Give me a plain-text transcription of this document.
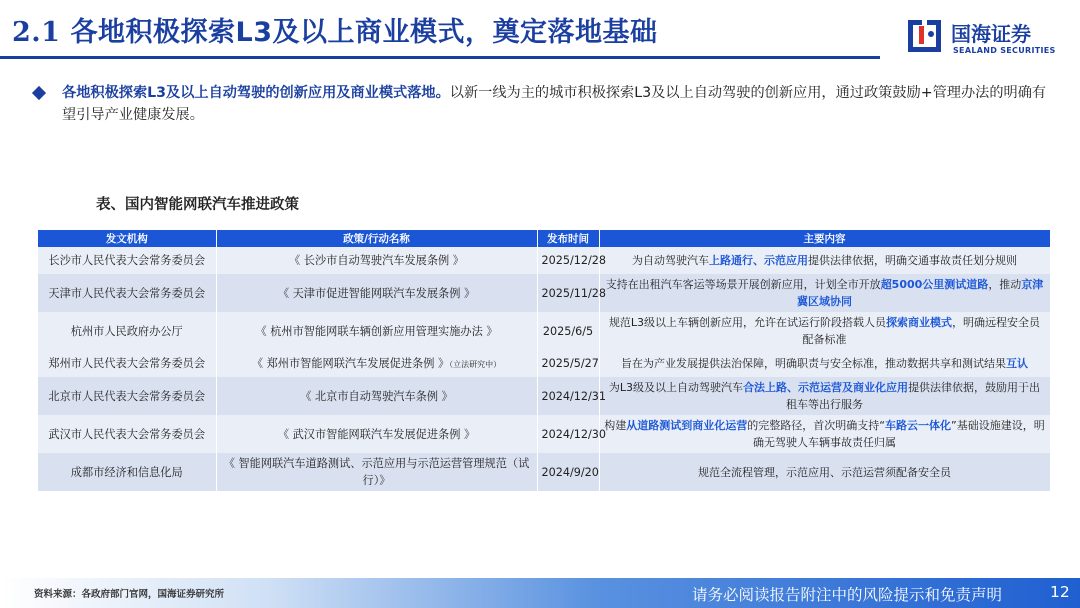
2.1 各地积极探索L3及以上商业模式，奠定落地基础	国海证券
SEALAND SECURITIES
各地积极探索L3及以上自动驾驶的创新应用及商业模式落地。以新一线为主的城市积极探索L3及以上自动驾驶的创新应用，通过政策鼓励+管理办法的明确有望引导产业健康发展。
表、国内智能网联汽车推进政策
发文机构	政策/行动名称	发布时间	主要内容
长沙市人民代表大会常务委员会	《 长沙市自动驾驶汽车发展条例 》	2025/12/28	为自动驾驶汽车上路通行、示范应用提供法律依据，明确交通事故责任划分规则
天津市人民代表大会常务委员会	《 天津市促进智能网联汽车发展条例 》	2025/11/28	支持在出租汽车客运等场景开展创新应用，计划全市开放超5000公里测试道路，推动京津冀区域协同
杭州市人民政府办公厅	《 杭州市智能网联车辆创新应用管理实施办法 》	2025/6/5	规范L3级以上车辆创新应用，允许在试运行阶段搭载人员探索商业模式，明确远程安全员配备标准
郑州市人民代表大会常务委员会	《 郑州市智能网联汽车发展促进条例 》（立法研究中）	2025/5/27	旨在为产业发展提供法治保障，明确职责与安全标准，推动数据共享和测试结果互认
北京市人民代表大会常务委员会	《 北京市自动驾驶汽车条例 》	2024/12/31	为L3级及以上自动驾驶汽车合法上路、示范运营及商业化应用提供法律依据，鼓励用于出租车等出行服务
武汉市人民代表大会常务委员会	《 武汉市智能网联汽车发展促进条例 》	2024/12/30	构建从道路测试到商业化运营的完整路径，首次明确支持“车路云一体化”基础设施建设，明确无驾驶人车辆事故责任归属
成都市经济和信息化局	《 智能网联汽车道路测试、示范应用与示范运营管理规范（试行）》	2024/9/20	规范全流程管理，示范应用、示范运营须配备安全员
资料来源：各政府部门官网，国海证券研究所	请务必阅读报告附注中的风险提示和免责声明	12
